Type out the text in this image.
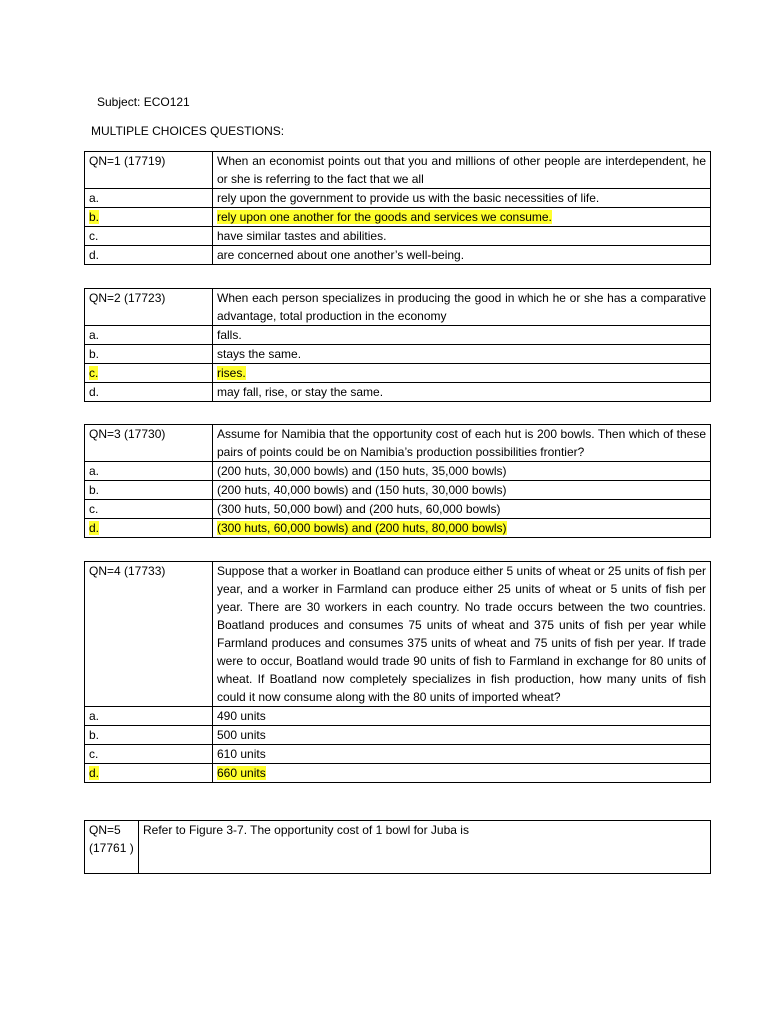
Subject: ECO121
MULTIPLE CHOICES QUESTIONS:
QN=1 (17719)	When an economist points out that you and millions of other people are interdependent, he or she is referring to the fact that we all
a.	rely upon the government to provide us with the basic necessities of life.
b.	rely upon one another for the goods and services we consume.
c.	have similar tastes and abilities.
d.	are concerned about one another’s well-being.
QN=2 (17723)	When each person specializes in producing the good in which he or she has a comparative advantage, total production in the economy
a.	falls.
b.	stays the same.
c.	rises.
d.	may fall, rise, or stay the same.
QN=3 (17730)	Assume for Namibia that the opportunity cost of each hut is 200 bowls. Then which of these pairs of points could be on Namibia’s production possibilities frontier?
a.	(200 huts, 30,000 bowls) and (150 huts, 35,000 bowls)
b.	(200 huts, 40,000 bowls) and (150 huts, 30,000 bowls)
c.	(300 huts, 50,000 bowl) and (200 huts, 60,000 bowls)
d.	(300 huts, 60,000 bowls) and (200 huts, 80,000 bowls)
QN=4 (17733)	Suppose that a worker in Boatland can produce either 5 units of wheat or 25 units of fish per year, and a worker in Farmland can produce either 25 units of wheat or 5 units of fish per year. There are 30 workers in each country. No trade occurs between the two countries. Boatland produces and consumes 75 units of wheat and 375 units of fish per year while Farmland produces and consumes 375 units of wheat and 75 units of fish per year. If trade were to occur, Boatland would trade 90 units of fish to Farmland in exchange for 80 units of wheat. If Boatland now completely specializes in fish production, how many units of fish could it now consume along with the 80 units of imported wheat?
a.	490 units
b.	500 units
c.	610 units
d.	660 units
QN=5 (17761 )	Refer to Figure 3-7. The opportunity cost of 1 bowl for Juba is
